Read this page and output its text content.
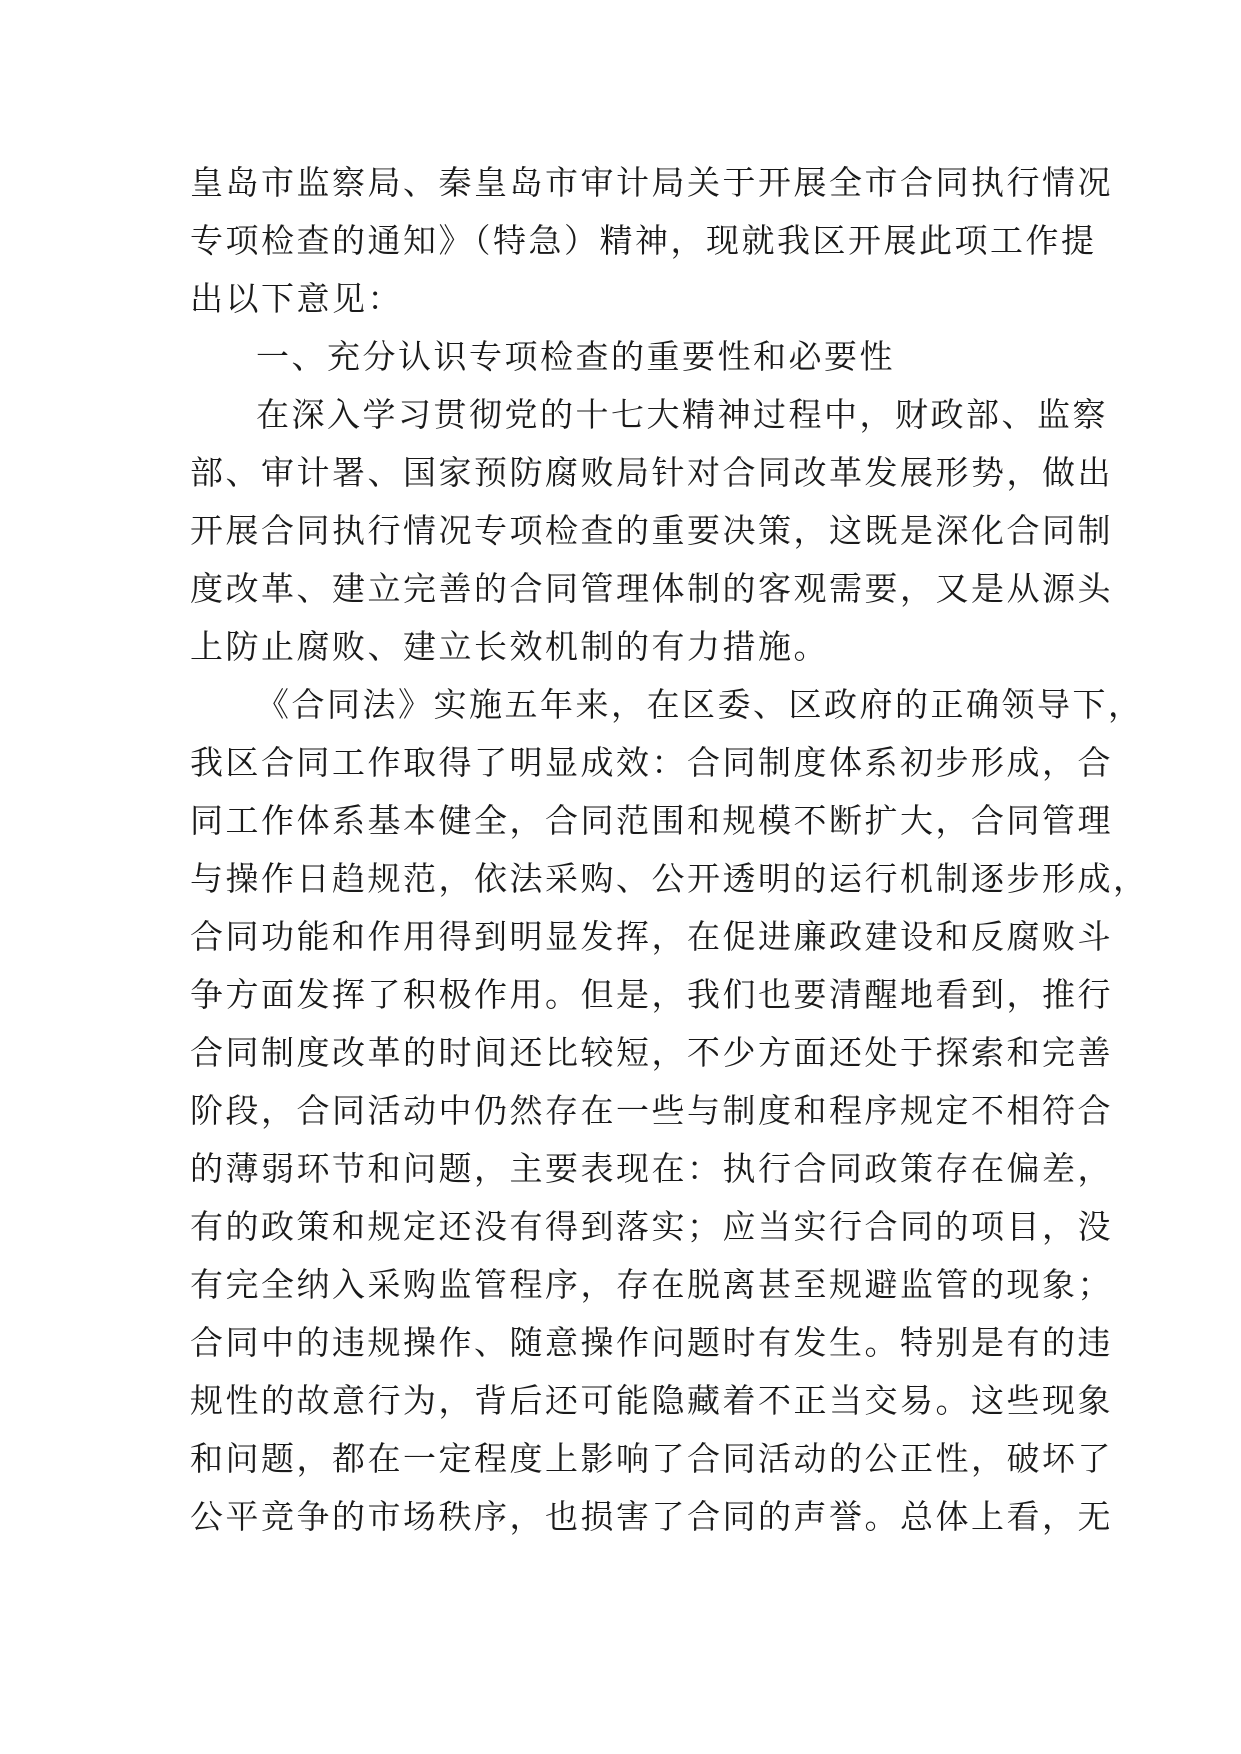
皇岛市监察局、秦皇岛市审计局关于开展全市合同执行情况
专项检查的通知》（特急）精神，现就我区开展此项工作提
出以下意见：
一、充分认识专项检查的重要性和必要性
在深入学习贯彻党的十七大精神过程中，财政部、监察
部、审计署、国家预防腐败局针对合同改革发展形势，做出
开展合同执行情况专项检查的重要决策，这既是深化合同制
度改革、建立完善的合同管理体制的客观需要，又是从源头
上防止腐败、建立长效机制的有力措施。
《合同法》实施五年来，在区委、区政府的正确领导下，
我区合同工作取得了明显成效：合同制度体系初步形成，合
同工作体系基本健全，合同范围和规模不断扩大，合同管理
与操作日趋规范，依法采购、公开透明的运行机制逐步形成，
合同功能和作用得到明显发挥，在促进廉政建设和反腐败斗
争方面发挥了积极作用。但是，我们也要清醒地看到，推行
合同制度改革的时间还比较短，不少方面还处于探索和完善
阶段，合同活动中仍然存在一些与制度和程序规定不相符合
的薄弱环节和问题，主要表现在：执行合同政策存在偏差，
有的政策和规定还没有得到落实；应当实行合同的项目，没
有完全纳入采购监管程序，存在脱离甚至规避监管的现象；
合同中的违规操作、随意操作问题时有发生。特别是有的违
规性的故意行为，背后还可能隐藏着不正当交易。这些现象
和问题，都在一定程度上影响了合同活动的公正性，破坏了
公平竞争的市场秩序，也损害了合同的声誉。总体上看，无
